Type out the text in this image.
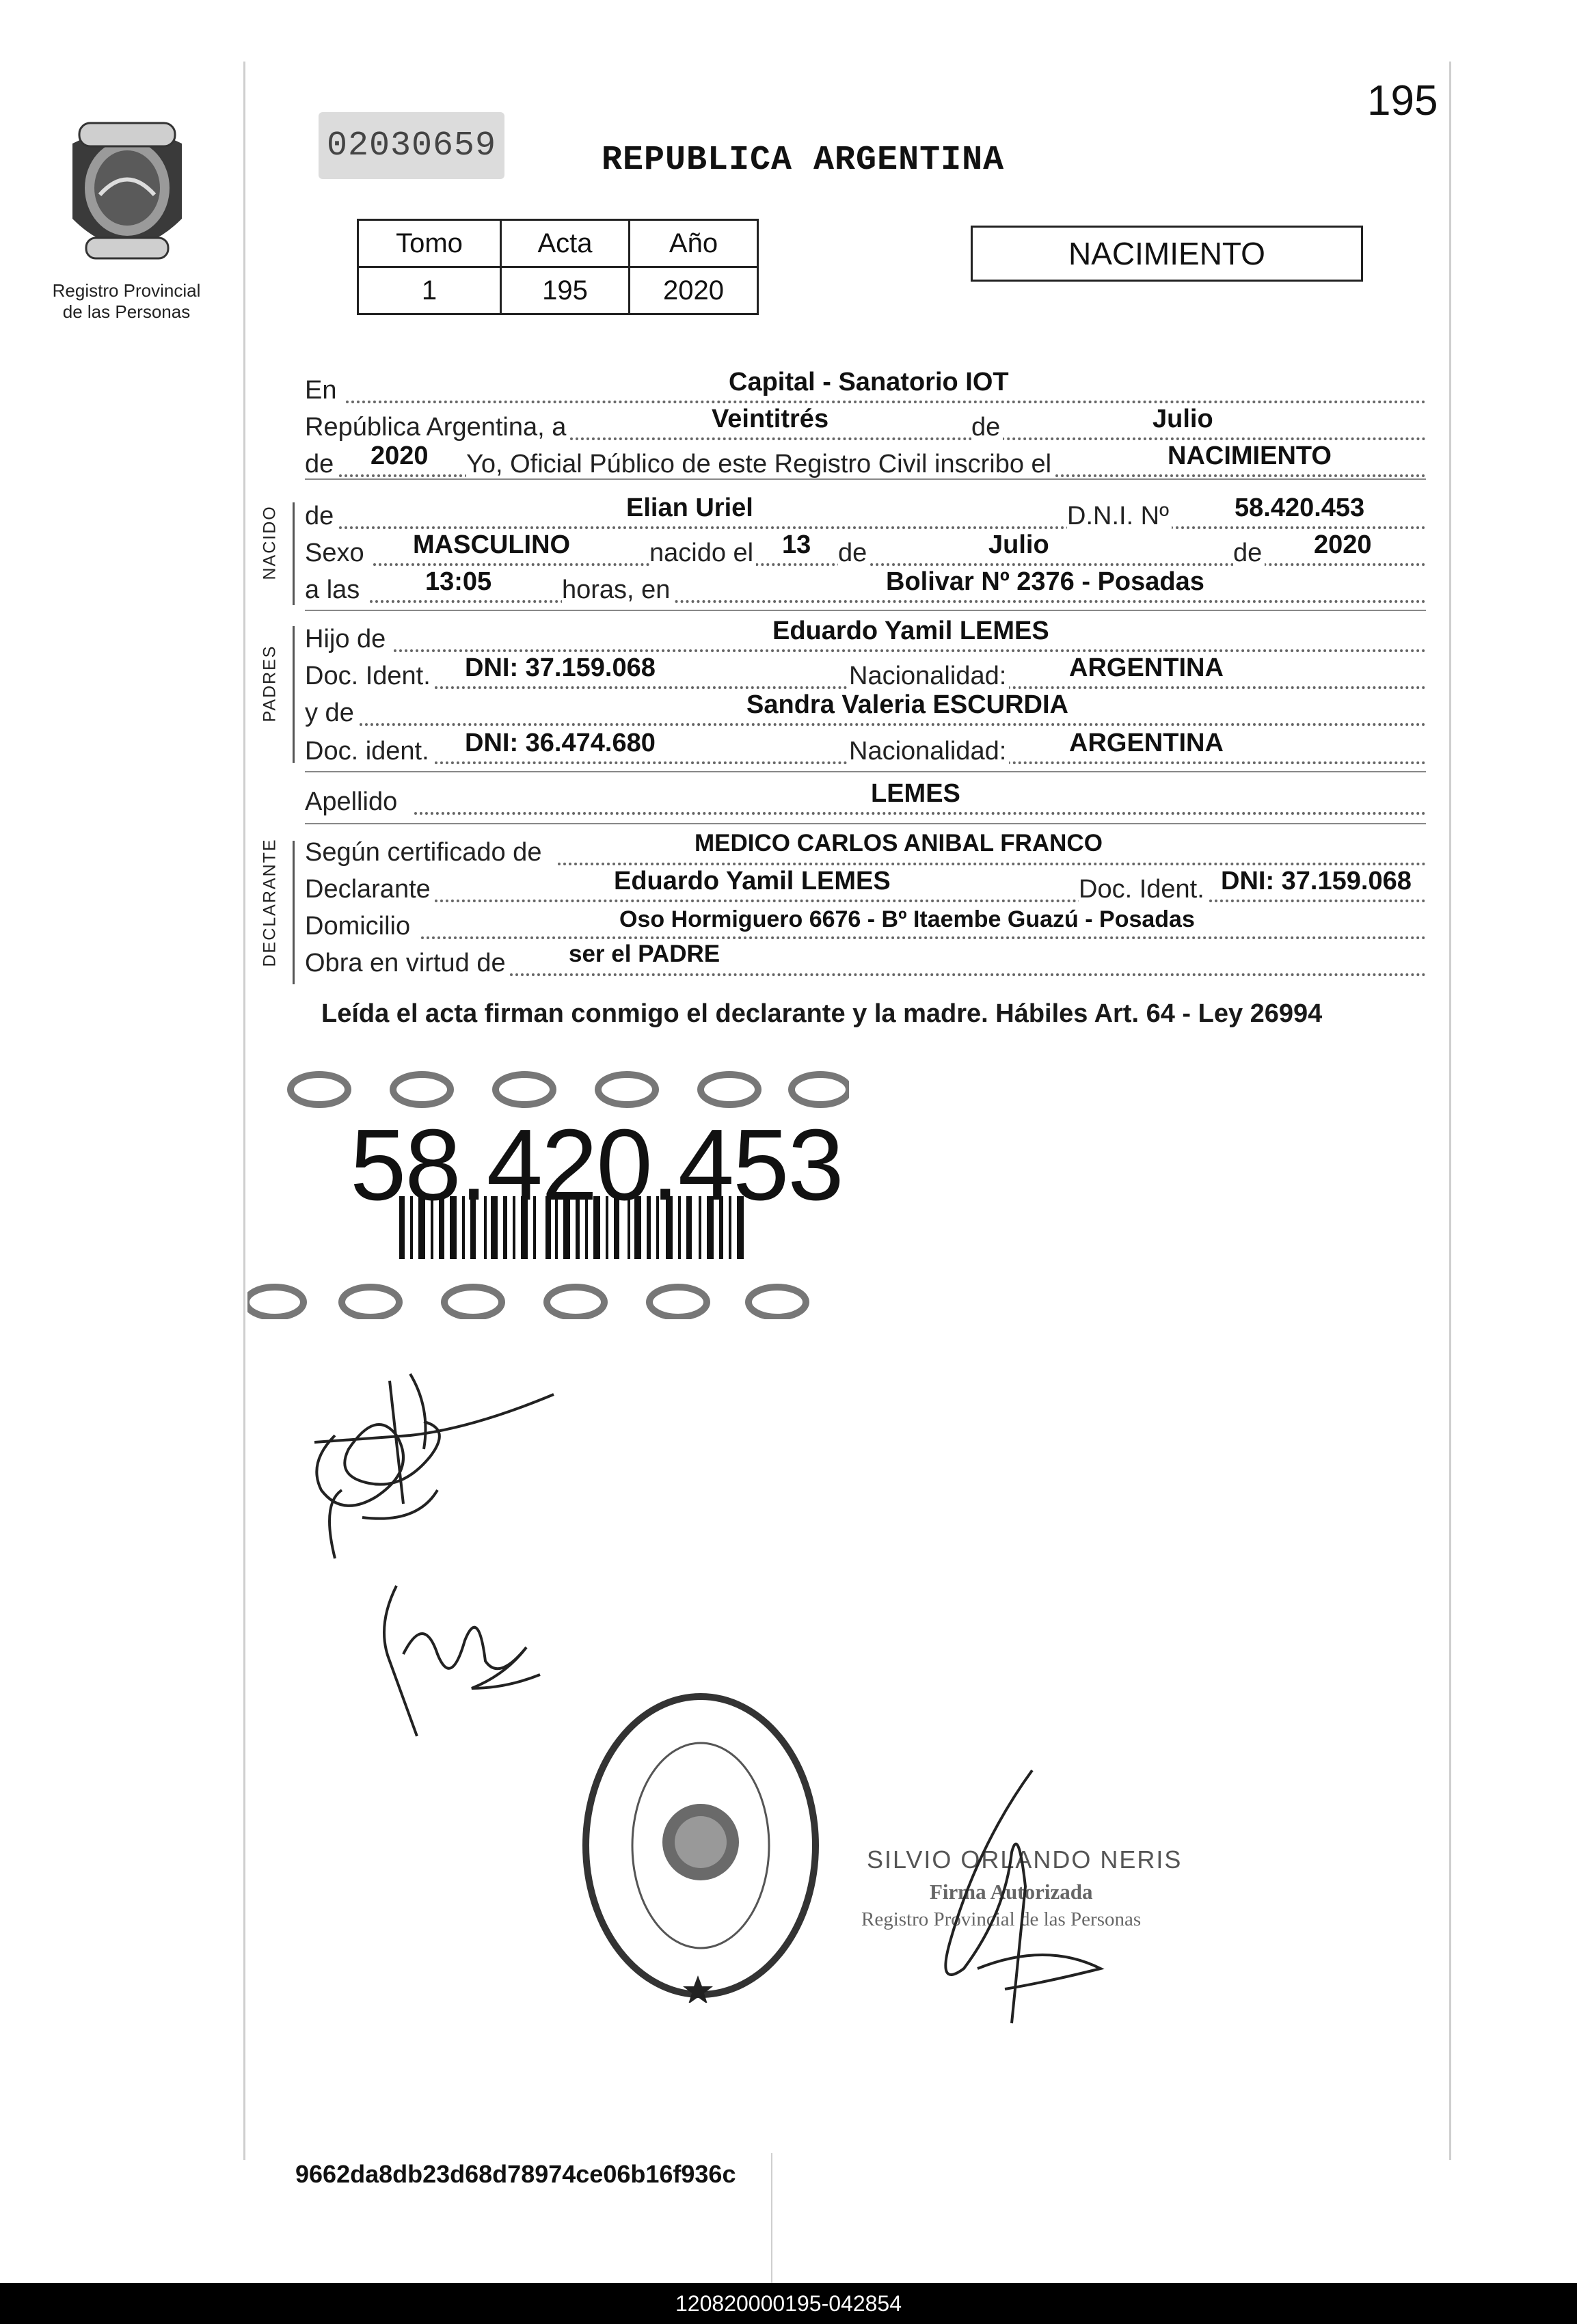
Registro Provincial
de las Personas
02030659
195
REPUBLICA ARGENTINA
Tomo	Acta	Año
1	195	2020
NACIMIENTO
En	Capital - Sanatorio IOT
República Argentina, a	Veintitrés	de	Julio
de 2020 Yo, Oficial Público de este Registro Civil inscribo el	NACIMIENTO
NACIDO de	Elian Uriel	D.N.I. Nº	58.420.453
Sexo MASCULINO	nacido el 13 de	Julio	de 2020
a las	13:05	horas, en	Bolivar Nº 2376 - Posadas
PADRES
Hijo de	Eduardo Yamil LEMES
Doc. Ident. DNI: 37.159.068	Nacionalidad: ARGENTINA
y de	Sandra Valeria ESCURDIA
Doc. ident. DNI: 36.474.680	Nacionalidad: ARGENTINA
Apellido	LEMES
DECLARANTE Según certificado de	MEDICO CARLOS ANIBAL FRANCO
Declarante	Eduardo Yamil LEMES	Doc. Ident. DNI: 37.159.068
Domicilio	Oso Hormiguero 6676 - Bº Itaembe Guazú - Posadas
Obra en virtud de	ser el PADRE
Leída el acta firman conmigo el declarante y la madre. Hábiles Art. 64 - Ley 26994
58.420.453
SILVIO ORLANDO NERIS
Firma Autorizada
Registro Provincial de las Personas
9662da8db23d68d78974ce06b16f936c
120820000195-042854
